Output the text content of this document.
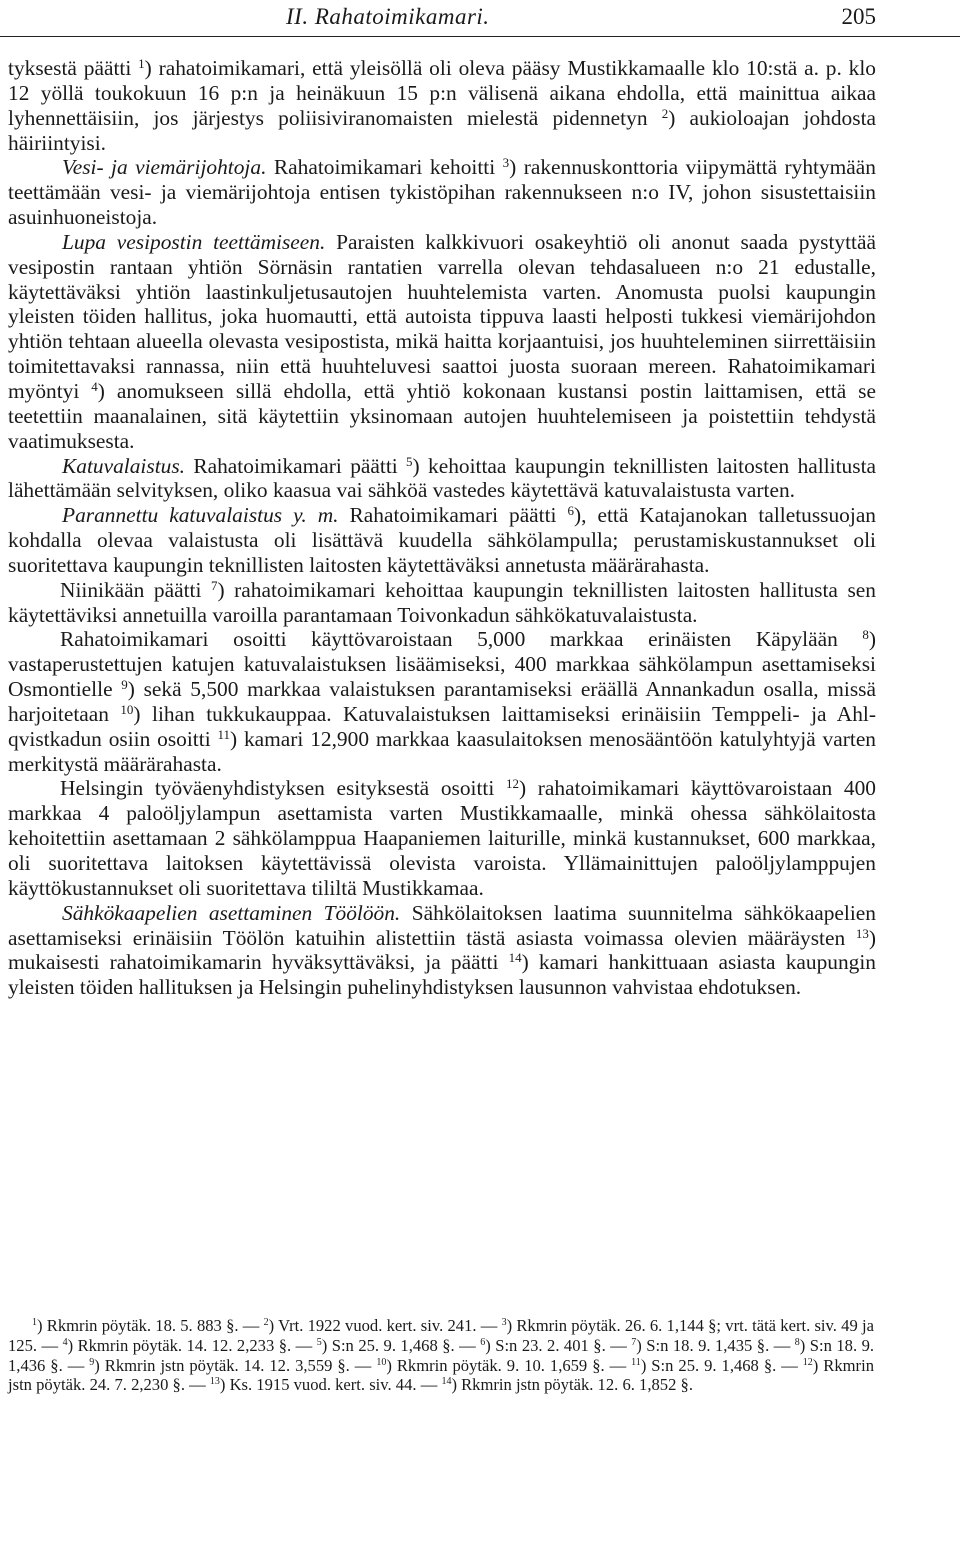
II. Rahatoimikamari.	205

tyksestä päätti $^1$) rahatoimikamari, että yleisöllä oli oleva pääsy Mustikkamaalle klo 10:stä a. p. klo 12 yöllä toukokuun 16 p:n ja heinäkuun 15 p:n välisenä aikana ehdolla, että mainittua aikaa lyhennettäisiin, jos järjestys poliisiviranomaisten mielestä pidennetyn $^2$) aukioloajan johdosta häiriintyisi.

Vesi- ja viemärijohtoja. Rahatoimikamari kehoitti $^3$) rakennuskonttoria viipymättä ryhtymään teettämään vesi- ja viemärijohtoja entisen tykistöpihan rakennukseen n:o IV, johon sisustettaisiin asuinhuoneistoja.

Lupa vesipostin teettämiseen. Paraisten kalkkivuori osakeyhtiö oli anonut saada pystyttää vesipostin rantaan yhtiön Sörnäsin rantatien varrella olevan tehdasalueen n:o 21 edustalle, käytettäväksi yhtiön laastinkuljetusautojen huuhtelemista varten. Anomusta puolsi kaupungin yleisten töiden hallitus, joka huomautti, että autoista tippuva laasti helposti tukkesi viemärijohdon yhtiön tehtaan alueella olevasta vesipostista, mikä haitta korjaantuisi, jos huuhteleminen siirrettäisiin toimitettavaksi rannassa, niin että huuhteluvesi saattoi juosta suoraan mereen. Rahatoimikamari myöntyi $^4$) anomukseen sillä ehdolla, että yhtiö kokonaan kustansi postin laittamisen, että se teetettiin maanalainen, sitä käytettiin yksinomaan autojen huuhtelemiseen ja poistettiin tehdystä vaatimuksesta.

Katuvalaistus. Rahatoimikamari päätti $^5$) kehoittaa kaupungin teknillisten laitosten hallitusta lähettämään selvityksen, oliko kaasua vai sähköä vastedes käytettävä katuvalaistusta varten.

Parannettu katuvalaistus y. m. Rahatoimikamari päätti $^6$), että Katajanokan talletussuojan kohdalla olevaa valaistusta oli lisättävä kuudella sähkölampulla; perustamiskustannukset oli suoritettava kaupungin teknillisten laitosten käytettäväksi annetusta määrärahasta.

Niinikään päätti $^7$) rahatoimikamari kehoittaa kaupungin teknillisten laitosten hallitusta sen käytettäviksi annetuilla varoilla parantamaan Toivonkadun sähkökatuvalaistusta.

Rahatoimikamari osoitti käyttövaroistaan 5,000 markkaa erinäisten Käpylään $^8$) vastaperustettujen katujen katuvalaistuksen lisäämiseksi, 400 markkaa sähkölampun asettamiseksi Osmontielle $^9$) sekä 5,500 markkaa valaistuksen parantamiseksi eräällä Annankadun osalla, missä harjoitetaan $^{10}$) lihan tukkukauppaa. Katuvalaistuksen laittamiseksi erinäisiin Temppeli- ja Ahlqvistkadun osiin osoitti $^{11}$) kamari 12,900 markkaa kaasulaitoksen menosääntöön katulyhtyjä varten merkitystä määrärahasta.

Helsingin työväenyhdistyksen esityksestä osoitti $^{12}$) rahatoimikamari käyttövaroistaan 400 markkaa 4 paloöljylampun asettamista varten Mustikkamaalle, minkä ohessa sähkölaitosta kehoitettiin asettamaan 2 sähkölamppua Haapaniemen laiturille, minkä kustannukset, 600 markkaa, oli suoritettava laitoksen käytettävissä olevista varoista. Yllämainittujen paloöljylamppujen käyttökustannukset oli suoritettava tililtä Mustikkamaa.

Sähkökaapelien asettaminen Töölöön. Sähkölaitoksen laatima suunnitelma sähkökaapelien asettamiseksi erinäisiin Töölön katuihin alistettiin tästä asiasta voimassa olevien määräysten $^{13}$) mukaisesti rahatoimikamarin hyväksyttäväksi, ja päätti $^{14}$) kamari hankittuaan asiasta kaupungin yleisten töiden hallituksen ja Helsingin puhelinyhdistyksen lausunnon vahvistaa ehdotuksen.

$^1$) Rkmrin pöytäk. 18. 5. 883 §. — $^2$) Vrt. 1922 vuod. kert. siv. 241. — $^3$) Rkmrin pöytäk. 26. 6. 1,144 §; vrt. tätä kert. siv. 49 ja 125. — $^4$) Rkmrin pöytäk. 14. 12. 2,233 §. — $^5$) S:n 25. 9. 1,468 §. — $^6$) S:n 23. 2. 401 §. — $^7$) S:n 18. 9. 1,435 §. — $^8$) S:n 18. 9. 1,436 §. — $^9$) Rkmrin jstn pöytäk. 14. 12. 3,559 §. — $^{10}$) Rkmrin pöytäk. 9. 10. 1,659 §. — $^{11}$) S:n 25. 9. 1,468 §. — $^{12}$) Rkmrin jstn pöytäk. 24. 7. 2,230 §. — $^{13}$) Ks. 1915 vuod. kert. siv. 44. — $^{14}$) Rkmrin jstn pöytäk. 12. 6. 1,852 §.
